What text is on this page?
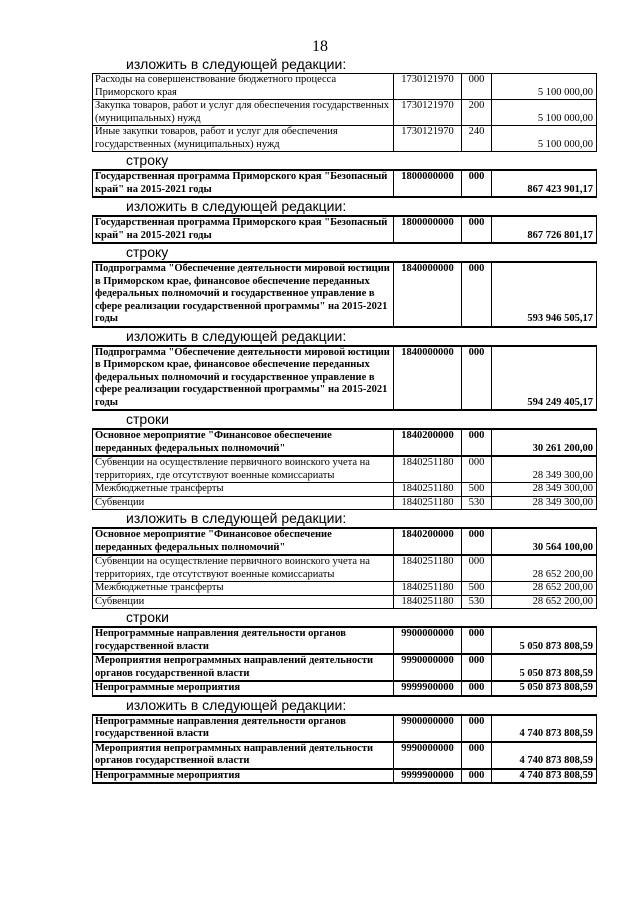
18
изложить в следующей редакции:
Расходы на совершенствование бюджетного процесса Приморского края	1730121970	000	5 100 000,00
Закупка товаров, работ и услуг для обеспечения государственных (муниципальных) нужд	1730121970	200	5 100 000,00
Иные закупки товаров, работ и услуг для обеспечения государственных (муниципальных) нужд	1730121970	240	5 100 000,00
строку
Государственная программа Приморского края "Безопасный край" на 2015-2021 годы	1800000000	000	867 423 901,17
изложить в следующей редакции:
Государственная программа Приморского края "Безопасный край" на 2015-2021 годы	1800000000	000	867 726 801,17
строку
Подпрограмма "Обеспечение деятельности мировой юстиции в Приморском крае, финансовое обеспечение переданных федеральных полномочий и государственное управление в сфере реализации государственной программы" на 2015-2021 годы	1840000000	000	593 946 505,17
изложить в следующей редакции:
Подпрограмма "Обеспечение деятельности мировой юстиции в Приморском крае, финансовое обеспечение переданных федеральных полномочий и государственное управление в сфере реализации государственной программы" на 2015-2021 годы	1840000000	000	594 249 405,17
строки
Основное мероприятие "Финансовое обеспечение переданных федеральных полномочий"	1840200000	000	30 261 200,00
Субвенции на осуществление первичного воинского учета на территориях, где отсутствуют военные комиссариаты	1840251180	000	28 349 300,00
Межбюджетные трансферты	1840251180	500	28 349 300,00
Субвенции	1840251180	530	28 349 300,00
изложить в следующей редакции:
Основное мероприятие "Финансовое обеспечение переданных федеральных полномочий"	1840200000	000	30 564 100,00
Субвенции на осуществление первичного воинского учета на территориях, где отсутствуют военные комиссариаты	1840251180	000	28 652 200,00
Межбюджетные трансферты	1840251180	500	28 652 200,00
Субвенции	1840251180	530	28 652 200,00
строки
Непрограммные направления деятельности органов государственной власти	9900000000	000	5 050 873 808,59
Мероприятия непрограммных направлений деятельности органов государственной власти	9990000000	000	5 050 873 808,59
Непрограммные мероприятия	9999900000	000	5 050 873 808,59
изложить в следующей редакции:
Непрограммные направления деятельности органов государственной власти	9900000000	000	4 740 873 808,59
Мероприятия непрограммных направлений деятельности органов государственной власти	9990000000	000	4 740 873 808,59
Непрограммные мероприятия	9999900000	000	4 740 873 808,59
